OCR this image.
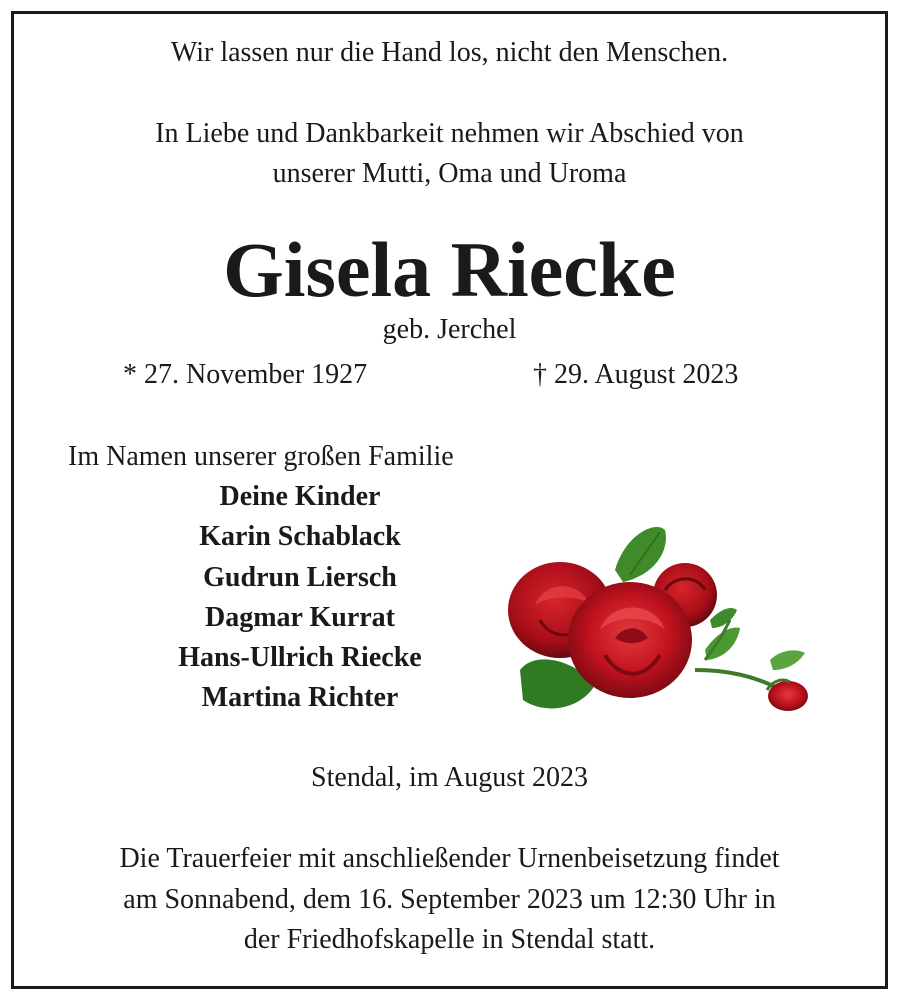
Wir lassen nur die Hand los, nicht den Menschen.
In Liebe und Dankbarkeit nehmen wir Abschied von
unserer Mutti, Oma und Uroma
Gisela Riecke
geb. Jerchel
* 27. November 1927	† 29. August 2023
Im Namen unserer großen Familie
Deine Kinder
Karin Schablack
Gudrun Liersch
Dagmar Kurrat
Hans-Ullrich Riecke
Martina Richter
Stendal, im August 2023
Die Trauerfeier mit anschließender Urnenbeisetzung findet
am Sonnabend, dem 16. September 2023 um 12:30 Uhr in
der Friedhofskapelle in Stendal statt.
